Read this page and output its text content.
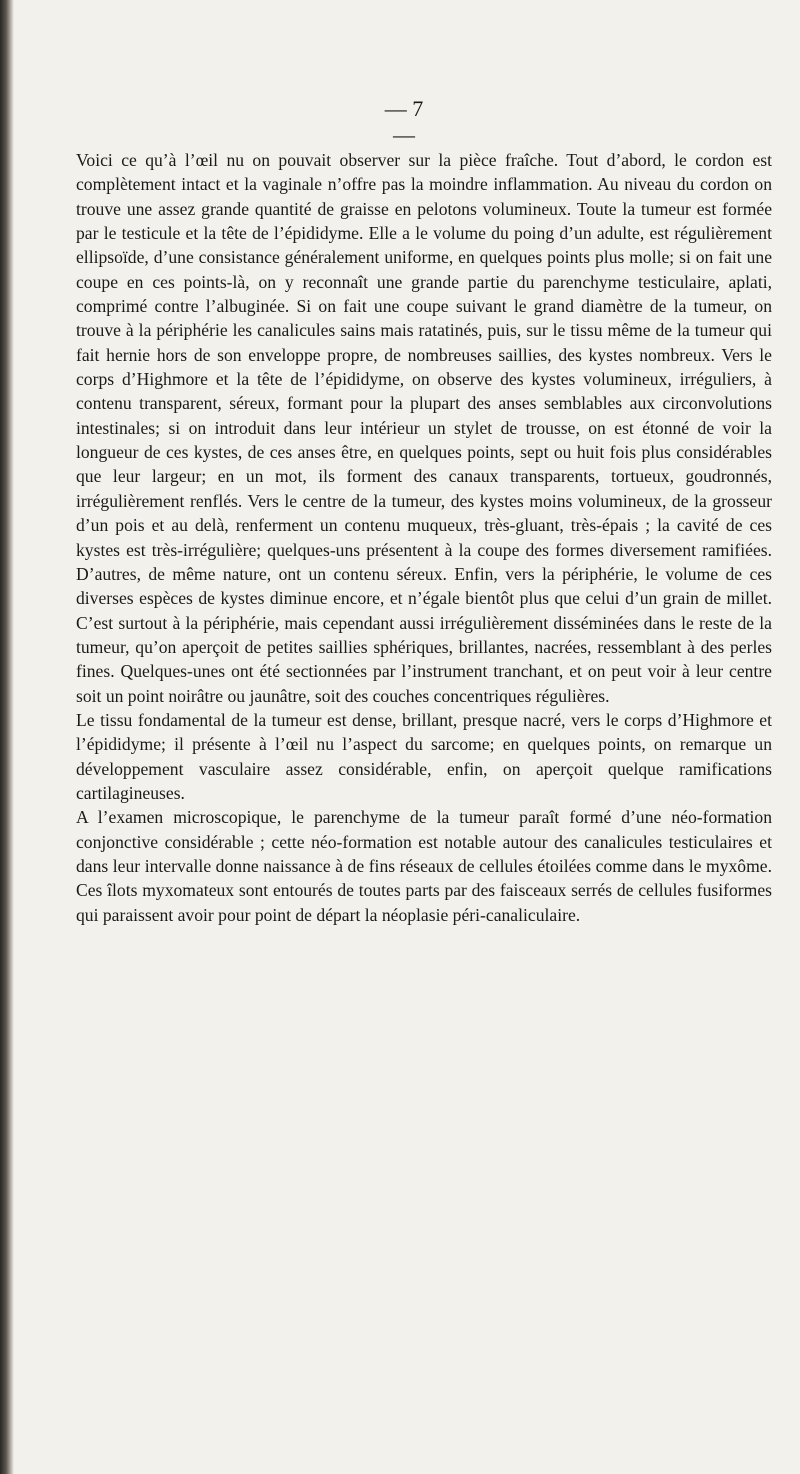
— 7 —

Voici ce qu’à l’œil nu on pouvait observer sur la pièce fraîche. Tout d’abord, le cordon est complètement intact et la vaginale n’offre pas la moindre inflammation. Au niveau du cordon on trouve une assez grande quantité de graisse en pelotons volumineux. Toute la tumeur est formée par le testicule et la tête de l’épididyme. Elle a le volume du poing d’un adulte, est régulièrement ellipsoïde, d’une consistance généralement uniforme, en quelques points plus molle; si on fait une coupe en ces points-là, on y reconnaît une grande partie du parenchyme testiculaire, aplati, comprimé contre l’albuginée. Si on fait une coupe suivant le grand diamètre de la tumeur, on trouve à la périphérie les canalicules sains mais ratatinés, puis, sur le tissu même de la tumeur qui fait hernie hors de son enveloppe propre, de nombreuses saillies, des kystes nombreux. Vers le corps d’Highmore et la tête de l’épididyme, on observe des kystes volumineux, irréguliers, à contenu transparent, séreux, formant pour la plupart des anses semblables aux circonvolutions intestinales; si on introduit dans leur intérieur un stylet de trousse, on est étonné de voir la longueur de ces kystes, de ces anses être, en quelques points, sept ou huit fois plus considérables que leur largeur; en un mot, ils forment des canaux transparents, tortueux, goudronnés, irrégulièrement renflés. Vers le centre de la tumeur, des kystes moins volumineux, de la grosseur d’un pois et au delà, renferment un contenu muqueux, très-gluant, très-épais ; la cavité de ces kystes est très-irrégulière; quelques-uns présentent à la coupe des formes diversement ramifiées. D’autres, de même nature, ont un contenu séreux. Enfin, vers la périphérie, le volume de ces diverses espèces de kystes diminue encore, et n’égale bientôt plus que celui d’un grain de millet. C’est surtout à la périphérie, mais cependant aussi irrégulièrement disséminées dans le reste de la tumeur, qu’on aperçoit de petites saillies sphériques, brillantes, nacrées, ressemblant à des perles fines. Quelques-unes ont été sectionnées par l’instrument tranchant, et on peut voir à leur centre soit un point noirâtre ou jaunâtre, soit des couches concentriques régulières.

Le tissu fondamental de la tumeur est dense, brillant, presque nacré, vers le corps d’Highmore et l’épididyme; il présente à l’œil nu l’aspect du sarcome; en quelques points, on remarque un développement vasculaire assez considérable, enfin, on aperçoit quelque ramifications cartilagineuses.

A l’examen microscopique, le parenchyme de la tumeur paraît formé d’une néo-formation conjonctive considérable ; cette néo-formation est notable autour des canalicules testiculaires et dans leur intervalle donne naissance à de fins réseaux de cellules étoilées comme dans le myxôme. Ces îlots myxomateux sont entourés de toutes parts par des faisceaux serrés de cellules fusiformes qui paraissent avoir pour point de départ la néoplasie péri-canaliculaire.
